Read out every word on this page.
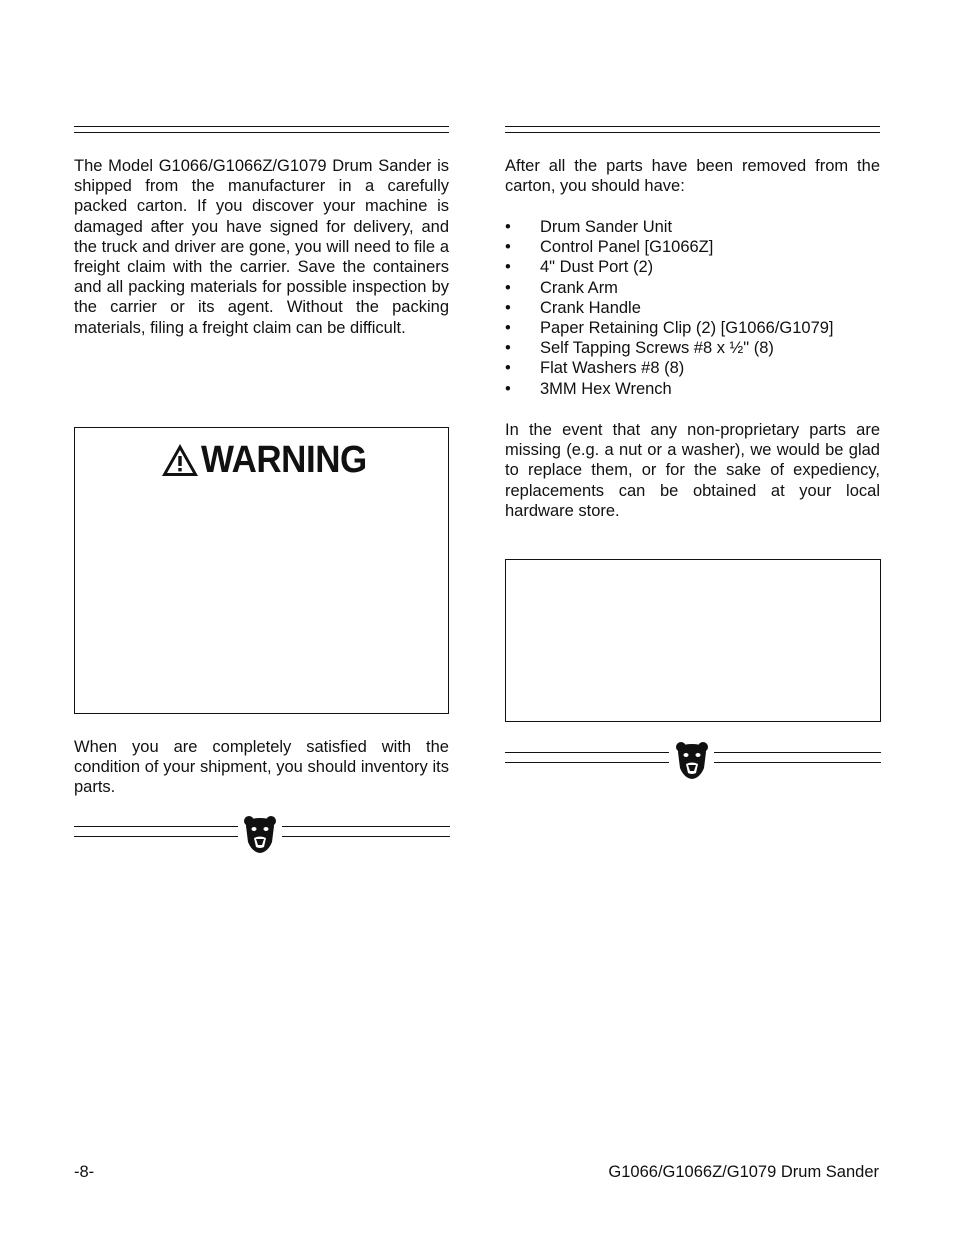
The Model G1066/G1066Z/G1079 Drum Sander is shipped from the manufacturer in a carefully packed carton. If you discover your machine is damaged after you have signed for delivery, and the truck and driver are gone, you will need to file a freight claim with the carrier. Save the containers and all packing materials for possible inspection by the carrier or its agent. Without the packing materials, filing a freight claim can be difficult.

WARNING

When you are completely satisfied with the condition of your shipment, you should inventory its parts.

After all the parts have been removed from the carton, you should have:

• Drum Sander Unit
• Control Panel [G1066Z]
• 4" Dust Port (2)
• Crank Arm
• Crank Handle
• Paper Retaining Clip (2) [G1066/G1079]
• Self Tapping Screws #8 x ½" (8)
• Flat Washers #8 (8)
• 3MM Hex Wrench

In the event that any non-proprietary parts are missing (e.g. a nut or a washer), we would be glad to replace them, or for the sake of expediency, replacements can be obtained at your local hardware store.

-8-	G1066/G1066Z/G1079 Drum Sander
